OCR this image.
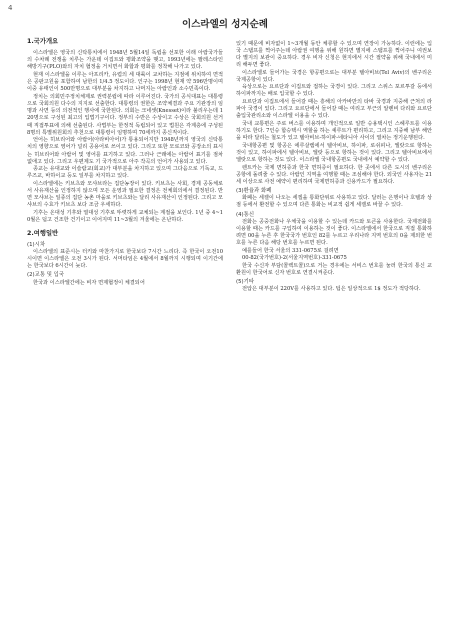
4
이스라엘의 성지순례
1.국가개요

이스라엘은 영국의 신탁통치에서 1948년 5월14일 독립을 선포한 이래 아랍국가들의 수차례 전쟁을 치루는 가운데 이집트와 평화조약을 맺고, 1993년에는 팔레스타인 해방기구(PLO)와의 자치 협정을 거치면서 화합과 평화를 정착해 나가고 있다.

현재 이스라엘을 이루는 아프리카, 유럽의 세 대륙이 교차하는 지점에 위치하여 면적은 공판고원을 포함하여 남한의 1/4.5 정도이다. 인구는 1998년 현재 약 596만명이며 이중 유태인이 500만명으로 대부분을 차지하고 나머지는 아랍인과 소수민족이다.

정치는 의회민주정치체제로 권력분립에 따라 이루어진다. 국가의 공식대표는 대통령으로 국회의원 다수의 지지로 선출한다. 대통령의 권한은 조약체결과 주요 기관장의 임명과 사면 등의 의전적인 행사에 국한된다. 의회는 크네셋(Knesset)이라 불리우는데 120명으로 구성된 최고의 입법기구이다. 정부의 수반은 수상이고 수상은 국회의원 선거 때 직접투표에 의해 선출된다. 사법부는 한정적 독립되어 있고 법원은 각계층에 구성된 8명의 특별위원회의 추천으로 대통령이 임명하며 70세까지 종신직이다.

언어는 히브리어와 아랍어(아라비아어)가 통용되어지만 1948년까지 영국의 신탁통치의 영향으로 영어가 널리 공용어로 쓰이고 있다. 그리고 또한 모로코와 공장소의 표시는 히브리어와 아랍어 및 영어를 표기하고 있다. 그러나 근래에는 아랍어 표기를 점차 없애고 있다. 그리고 우편제도 기 국가적으로 아주 작곡의 언어가 사용되고 있다.

종교는 유대교와 이슬람교(회교)가 대부분을 차지하고 있으며 그다음으로 기독교, 드루즈교, 바하이교 등도 일부를 차지하고 있다.

이스라엘에는 키브츠와 모샤브라는 집단농장이 있다. 키브츠는 사회, 경제 공동체로서 사유재산을 인정하지 않으며 모든 운영과 필요한 결정은 전체회의에서 결정된다. 반면 모샤브는 일종의 집단 농촌 마을로 키브츠와는 달리 사유재산이 인정된다. 그리고 모샤브의 수효가 키브츠 보다 조금 우세하다.

기후는 온대성 기후와 열대성 기후로 뚜렷하게 교체되는 계절을 보인다. 1년 중 4~10월은 덥고 건조한 건기이고 이어지며 11~3월의 겨울에는 온난하다.

2.여행일반
(1)시차

이스라엘의 표준시는 터키와 마찬가지로 한국보다 7시간 느리다. 즉 한국이 오전10시이면 이스라엘은 오전 3시가 된다. 서머타임은 4월에서 8월까지 시행되며 이기간에는 한국보다 6시간이 늦다.

(2)교통 및 입국

한국과 이스라엘간에는 비자 면제협정이 체결되어

있기 때문에 비자없이 1~3개월 동안 체류할 수 있으며 연장이 가능하다. 이런에는 입국 스탬프를 찍어주는데 아랍권 여행을 위해 원하면 별지에 스탬프를 찍어주니 여권보다 별지의 보관이 중요하다. 경우 비자 신청은 현지에서 시간 절약을 위해 국내에서 미리 해두면 좋다.

이스라엘로 들어가는 국경은 항공편으로는 대부분 텔아비브(Tel Aviv)의 벤구리온 국제공항이 있다.

육상으로는 요르단과 이집트와 접하는 국경이 있다. 그리고 스위스 포르투갈 등에서 하이파까지는 배로 입국할 수 있다.

요르단과 이집트에서 들어갈 때는 흥해의 아카바만의 타바 국경과 지중해 근처의 라파아 국경이 있다. 그리고 요르단에서 들어갈 때는 여리고 부근의 알렌비 다리와 요르단 출입국관리소와 이스라엘 이용을 수 있다.

국내 교통편은 주로 버스를 이용하며 개인적으로 일반 승용택시인 스헤루트를 이용하기도 한다. 7인승 합승택시 역할을 하는 셰루트가 편리하고, 그리고 지중해 남부 해안을 따라 달리는 철도가 있고 텔아비브-하이파-네타니아 사이의 열차는 정기운행된다.

국내항공편 및 항공은 에루살렘에서 텔아비브, 하이파, 로쉬피나, 엘랏으로 항하는 것이 있고, 하이파에서 텔아비브, 엘랏 등으로 항하는 것이 있다. 그리고 텔아비브에서 엘랏으로 항하는 것도 있다. 이스라엘 국내항공편도 국내에서 예약할 수 있다.

렌트카는 국제 면허증과 한국 면허증이 필요하다. 한 곳에서 다른 도시의 벤구리온 공항에 돌려줄 수 있다. 아랍인 지역을 여행할 때는 조심해야 한다. 외국인 사용자는 21세 이상으로 사전 예약이 편리하며 국제면허증과 신용카드가 필요하다.

(3)환율과 화폐

화폐는 세켈이 나오는 세겔을 통화단위로 사용하고 있다. 달러는 은행이나 호텔과 상점 등에서 환전할 수 있으며 다른 통화는 비교적 쉽게 세켈로 바꿀 수 있다.

(4)통신

전화는 공중전화나 우체국을 이용할 수 있는데 카드와 토큰을 사용한다. 국제전화를 이용할 때는 카드를 구입하여 이용하는 것이 좋다. 이스라엘에서 한국으로 직접 통화하려면 00을 누른 후 한국국가 번호인 82를 누르고 우리나라 지역 번호의 0을 제외한 번호를 누른 다음 해당 번호를 누르면 된다.

예를들어 한국 서울의 331-0675로 걸려면

00-82(국가번호)-2(서울지역번호)-331-0675

한국 수신자 부담(콜렉트콜)으로 거는 경우에는 서비스 번호를 눌러 한국의 통신 교환원이 한국어로 신자 번호로 연결시켜준다.

(5)기타

전압은 대부분이 220V를 사용하고 있다. 팁은 일상적으로 1$ 정도가 적당하다.
